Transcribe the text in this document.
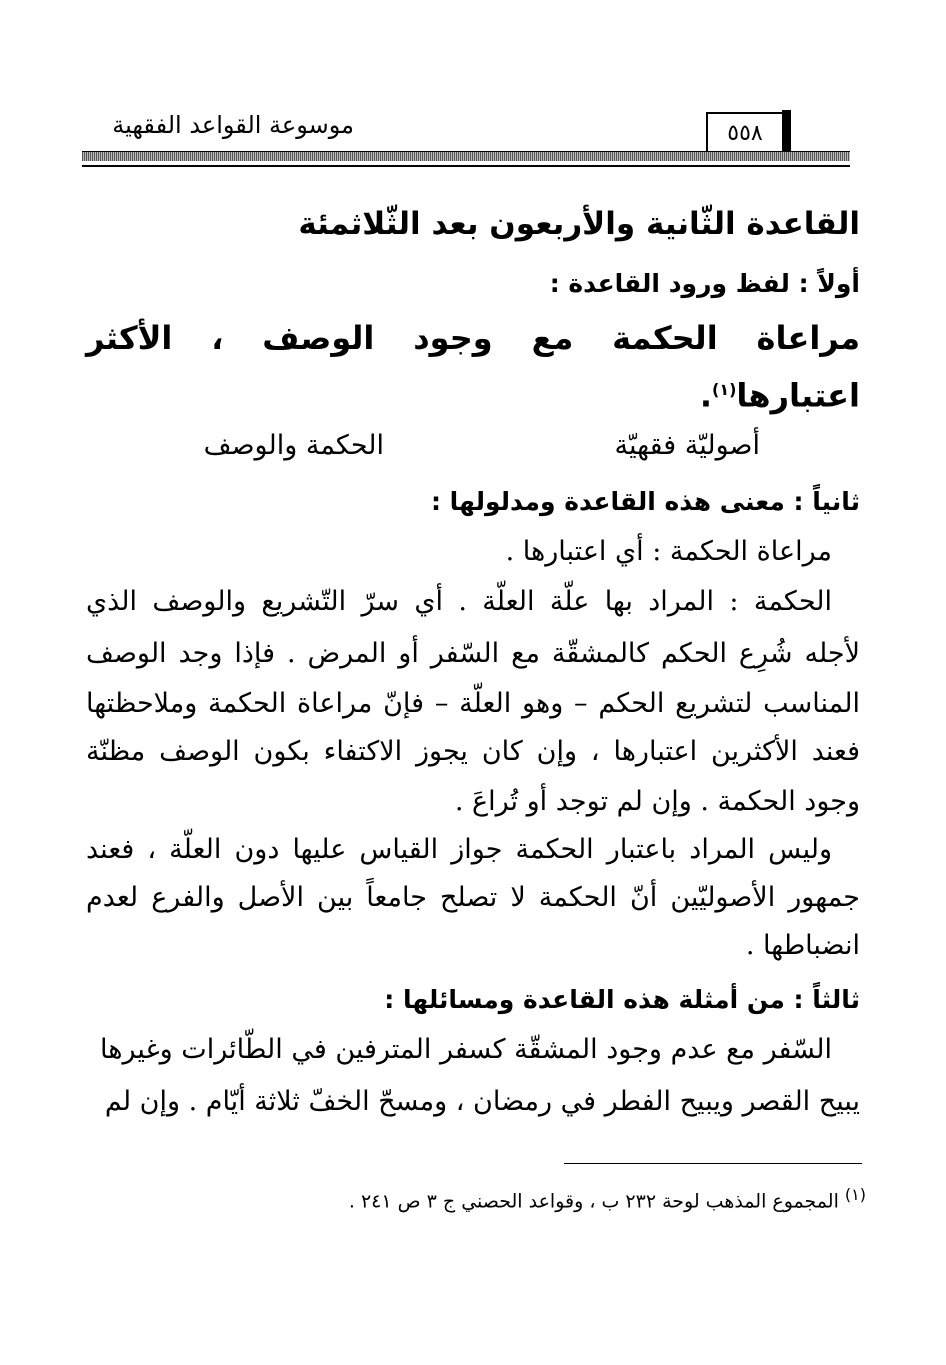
موسوعة القواعد الفقهية	٥٥٨
القاعدة الثّانية والأربعون بعد الثّلاثمئة
أولاً : لفظ ورود القاعدة :
مراعاة الحكمة مع وجود الوصف ، الأكثر
اعتبارها$^{(١)}$.
أصوليّة فقهيّة
الحكمة والوصف
ثانياً : معنى هذه القاعدة ومدلولها :
مراعاة الحكمة : أي اعتبارها .
الحكمة : المراد بها علّة العلّة . أي سرّ التّشريع والوصف الذي
لأجله شُرِع الحكم كالمشقّة مع السّفر أو المرض . فإذا وجد الوصف
المناسب لتشريع الحكم – وهو العلّة – فإنّ مراعاة الحكمة وملاحظتها
فعند الأكثرين اعتبارها ، وإن كان يجوز الاكتفاء بكون الوصف مظنّة
وجود الحكمة . وإن لم توجد أو تُراعَ .
وليس المراد باعتبار الحكمة جواز القياس عليها دون العلّة ، فعند
جمهور الأصوليّين أنّ الحكمة لا تصلح جامعاً بين الأصل والفرع لعدم
انضباطها .
ثالثاً : من أمثلة هذه القاعدة ومسائلها :
السّفر مع عدم وجود المشقّة كسفر المترفين في الطّائرات وغيرها
يبيح القصر ويبيح الفطر في رمضان ، ومسحّ الخفّ ثلاثة أيّام . وإن لم
$^{(١)}$ المجموع المذهب لوحة ٢٣٢ ب ، وقواعد الحصني ج ٣ ص ٢٤١ .
